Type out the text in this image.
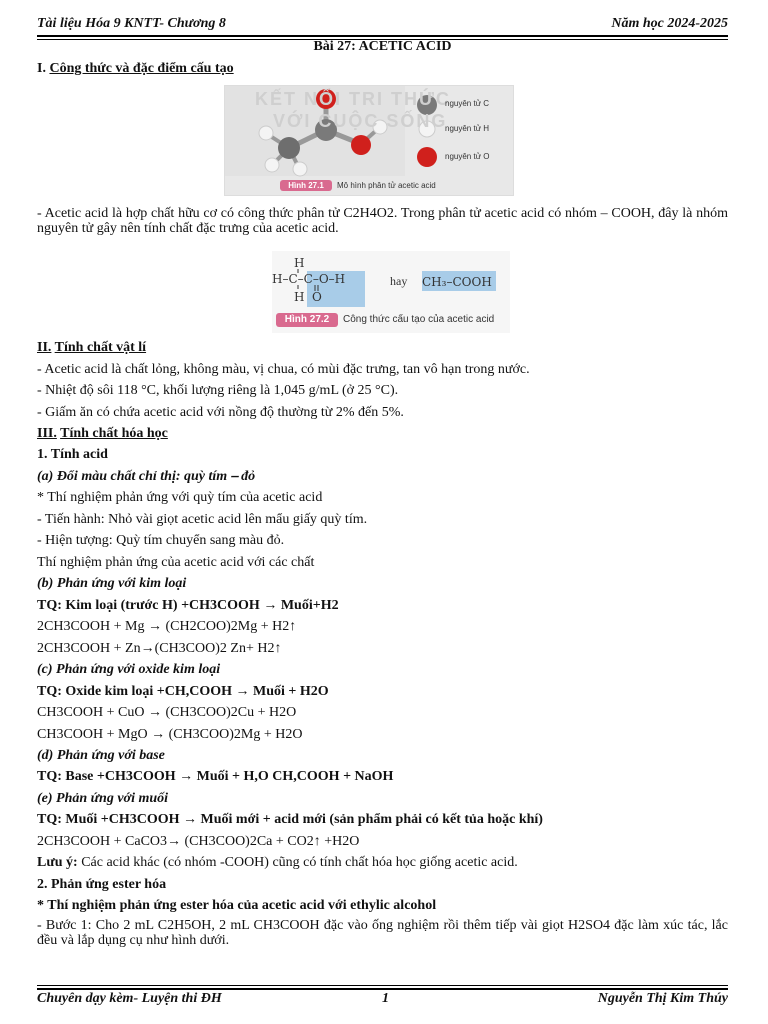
Tài liệu Hóa 9 KNTT- Chương 8	Năm học 2024-2025
Bài 27: ACETIC ACID
I. Công thức và đặc điểm cấu tạo
KẾT NỐI TRI THỨC
VỚI CUỘC SỐNG
nguyên tử C
nguyên tử H
nguyên tử O
Hình 27.1	Mô hình phân tử acetic acid
- Acetic acid là hợp chất hữu cơ có công thức phân tử C2H4O2. Trong phân tử acetic acid có nhóm – COOH, đây là nhóm nguyên tử gây nên tính chất đặc trưng của acetic acid.
H
H–C–C–O–H
H O
CH₃–COOH
hay
Hình 27.2	Công thức cấu tạo của acetic acid
II. Tính chất vật lí
- Acetic acid là chất lỏng, không màu, vị chua, có mùi đặc trưng, tan vô hạn trong nước.
- Nhiệt độ sôi 118 °C, khối lượng riêng là 1,045 g/mL (ở 25 °C).
- Giấm ăn có chứa acetic acid với nồng độ thường từ 2% đến 5%.
III. Tính chất hóa học
1. Tính acid
(a) Đổi màu chất chỉ thị: quỳ tím ⎯ đỏ
* Thí nghiệm phản ứng với quỳ tím của acetic acid
- Tiến hành: Nhỏ vài giọt acetic acid lên mẩu giấy quỳ tím.
- Hiện tượng: Quỳ tím chuyển sang màu đỏ.
Thí nghiệm phản ứng của acetic acid với các chất
(b) Phản ứng với kim loại
TQ: Kim loại (trước H) +CH3COOH → Muối+H2
2CH3COOH + Mg → (CH2COO)2Mg + H2↑
2CH3COOH + Zn→(CH3COO)2 Zn+ H2↑
(c) Phản ứng với oxide kim loại
TQ: Oxide kim loại +CH,COOH → Muối + H2O
CH3COOH + CuO → (CH3COO)2Cu + H2O
CH3COOH + MgO → (CH3COO)2Mg + H2O
(d) Phản ứng với base
TQ: Base +CH3COOH → Muối + H,O CH,COOH + NaOH
(e) Phản ứng với muối
TQ: Muối +CH3COOH → Muối mới + acid mới (sản phẩm phải có kết tủa hoặc khí)
2CH3COOH + CaCO3→ (CH3COO)2Ca + CO2↑ +H2O
Lưu ý: Các acid khác (có nhóm -COOH) cũng có tính chất hóa học giống acetic acid.
2. Phản ứng ester hóa
* Thí nghiệm phản ứng ester hóa của acetic acid với ethylic alcohol
- Bước 1: Cho 2 mL C2H5OH, 2 mL CH3COOH đặc vào ống nghiệm rồi thêm tiếp vài giọt H2SO4 đặc làm xúc tác, lắc đều và lắp dụng cụ như hình dưới.
Chuyên dạy kèm- Luyện thi ĐH	1	Nguyễn Thị Kim Thúy
